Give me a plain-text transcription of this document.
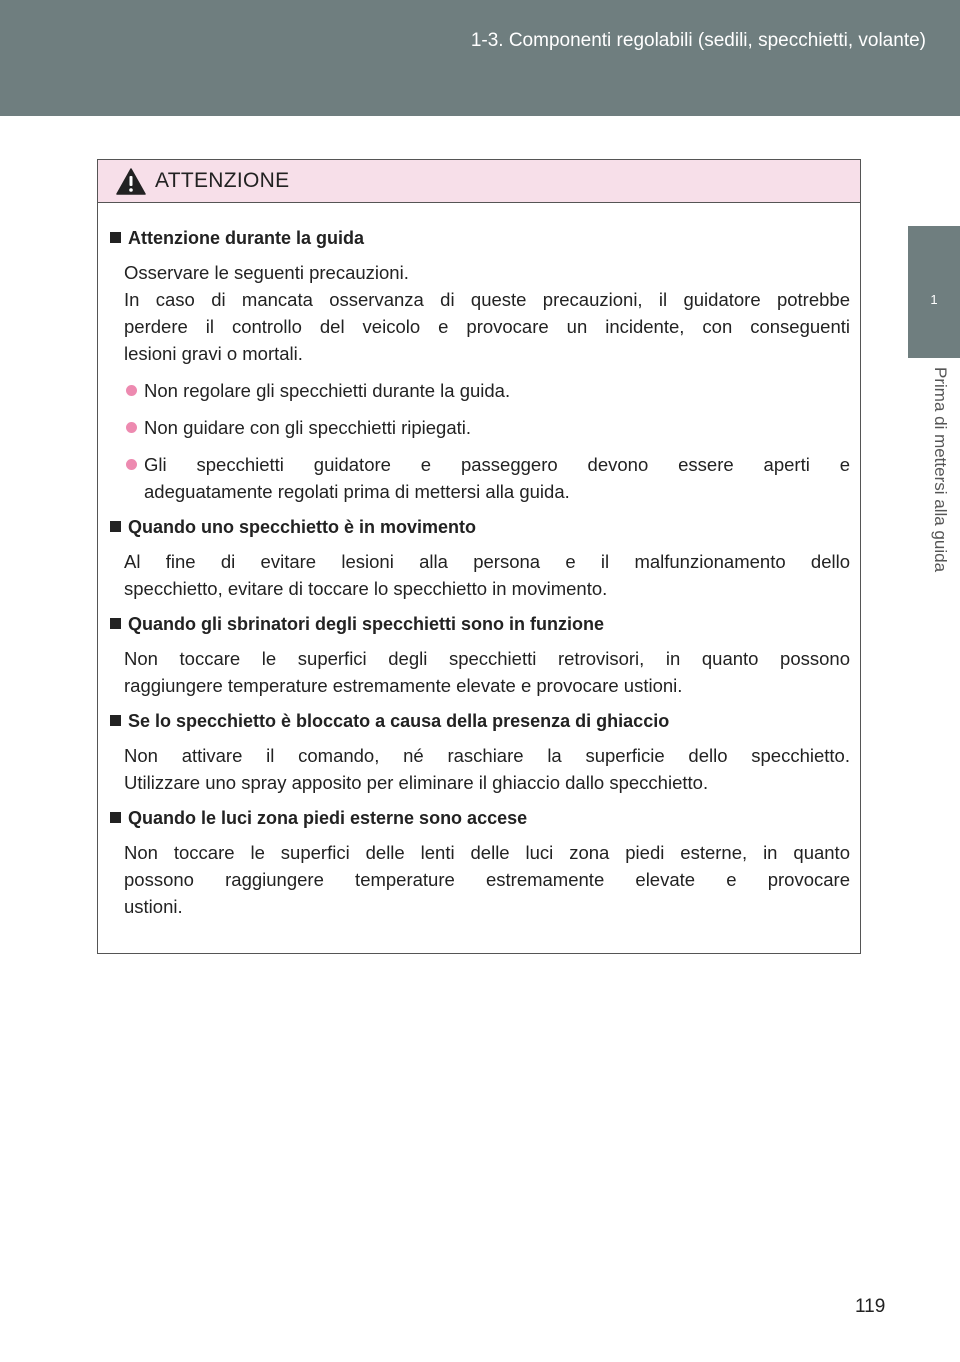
1-3. Componenti regolabili (sedili, specchietti, volante)
1
Prima di mettersi alla guida
ATTENZIONE
Attenzione durante la guida
Osservare le seguenti precauzioni.
In caso di mancata osservanza di queste precauzioni, il guidatore potrebbe
perdere il controllo del veicolo e provocare un incidente, con conseguenti
lesioni gravi o mortali.
Non regolare gli specchietti durante la guida.
Non guidare con gli specchietti ripiegati.
Gli specchietti guidatore e passeggero devono essere aperti e
adeguatamente regolati prima di mettersi alla guida.
Quando uno specchietto è in movimento
Al fine di evitare lesioni alla persona e il malfunzionamento dello
specchietto, evitare di toccare lo specchietto in movimento.
Quando gli sbrinatori degli specchietti sono in funzione
Non toccare le superfici degli specchietti retrovisori, in quanto possono
raggiungere temperature estremamente elevate e provocare ustioni.
Se lo specchietto è bloccato a causa della presenza di ghiaccio
Non attivare il comando, né raschiare la superficie dello specchietto.
Utilizzare uno spray apposito per eliminare il ghiaccio dallo specchietto.
Quando le luci zona piedi esterne sono accese
Non toccare le superfici delle lenti delle luci zona piedi esterne, in quanto
possono raggiungere temperature estremamente elevate e provocare
ustioni.
119
